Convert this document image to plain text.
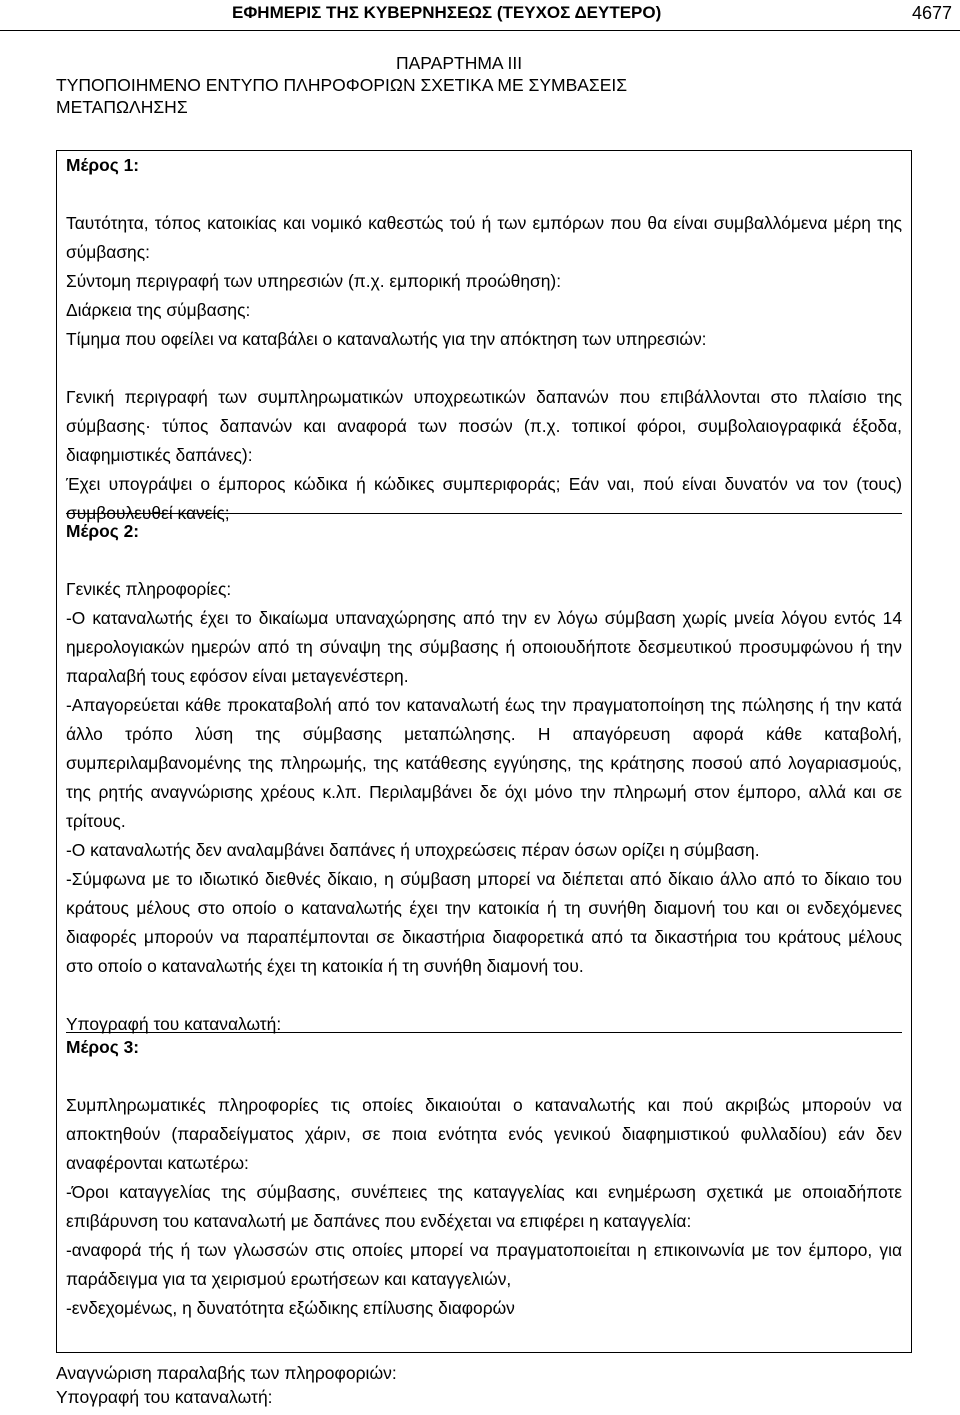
ΕΦΗΜΕΡΙΣ ΤΗΣ ΚΥΒΕΡΝΗΣΕΩΣ (ΤΕΥΧΟΣ ΔΕΥΤΕΡΟ)	4677
ΠΑΡΑΡΤΗΜΑ ΙΙΙ
ΤΥΠΟΠΟΙΗΜΕΝΟ ΕΝΤΥΠΟ ΠΛΗΡΟΦΟΡΙΩΝ ΣΧΕΤΙΚΑ ΜΕ ΣΥΜΒΑΣΕΙΣ
ΜΕΤΑΠΩΛΗΣΗΣ

Μέρος 1:

Ταυτότητα, τόπος κατοικίας και νομικό καθεστώς τού ή των εμπόρων που θα είναι συμβαλλόμενα μέρη της σύμβασης:

Σύντομη περιγραφή των υπηρεσιών (π.χ. εμπορική προώθηση):

Διάρκεια της σύμβασης:

Τίμημα που οφείλει να καταβάλει ο καταναλωτής για την απόκτηση των υπηρεσιών:

Γενική περιγραφή των συμπληρωματικών υποχρεωτικών δαπανών που επιβάλλονται στο πλαίσιο της σύμβασης· τύπος δαπανών και αναφορά των ποσών (π.χ. τοπικοί φόροι, συμβολαιογραφικά έξοδα, διαφημιστικές δαπάνες):

Έχει υπογράψει ο έμπορος κώδικα ή κώδικες συμπεριφοράς; Εάν ναι, πού είναι δυνατόν να τον (τους) συμβουλευθεί κανείς;

Μέρος 2:

Γενικές πληροφορίες:

-Ο καταναλωτής έχει το δικαίωμα υπαναχώρησης από την εν λόγω σύμβαση χωρίς μνεία λόγου εντός 14 ημερολογιακών ημερών από τη σύναψη της σύμβασης ή οποιουδήποτε δεσμευτικού προσυμφώνου ή την παραλαβή τους εφόσον είναι μεταγενέστερη.

-Απαγορεύεται κάθε προκαταβολή από τον καταναλωτή έως την πραγματοποίηση της πώλησης ή την κατά άλλο τρόπο λύση της σύμβασης μεταπώλησης. Η απαγόρευση αφορά κάθε καταβολή, συμπεριλαμβανομένης της πληρωμής, της κατάθεσης εγγύησης, της κράτησης ποσού από λογαριασμούς, της ρητής αναγνώρισης χρέους κ.λπ. Περιλαμβάνει δε όχι μόνο την πληρωμή στον έμπορο, αλλά και σε τρίτους.

-Ο καταναλωτής δεν αναλαμβάνει δαπάνες ή υποχρεώσεις πέραν όσων ορίζει η σύμβαση.

-Σύμφωνα με το ιδιωτικό διεθνές δίκαιο, η σύμβαση μπορεί να διέπεται από δίκαιο άλλο από το δίκαιο του κράτους μέλους στο οποίο ο καταναλωτής έχει την κατοικία ή τη συνήθη διαμονή του και οι ενδεχόμενες διαφορές μπορούν να παραπέμπονται σε δικαστήρια διαφορετικά από τα δικαστήρια του κράτους μέλους στο οποίο ο καταναλωτής έχει τη κατοικία ή τη συνήθη διαμονή του.

Υπογραφή του καταναλωτή:

Μέρος 3:

Συμπληρωματικές πληροφορίες τις οποίες δικαιούται ο καταναλωτής και πού ακριβώς μπορούν να αποκτηθούν (παραδείγματος χάριν, σε ποια ενότητα ενός γενικού διαφημιστικού φυλλαδίου) εάν δεν αναφέρονται κατωτέρω:

-Όροι καταγγελίας της σύμβασης, συνέπειες της καταγγελίας και ενημέρωση σχετικά με οποιαδήποτε επιβάρυνση του καταναλωτή με δαπάνες που ενδέχεται να επιφέρει η καταγγελία:

-αναφορά τής ή των γλωσσών στις οποίες μπορεί να πραγματοποιείται η επικοινωνία με τον έμπορο, για παράδειγμα για τα χειρισμού ερωτήσεων και καταγγελιών,

-ενδεχομένως, η δυνατότητα εξώδικης επίλυσης διαφορών

Αναγνώριση παραλαβής των πληροφοριών:

Υπογραφή του καταναλωτή:
